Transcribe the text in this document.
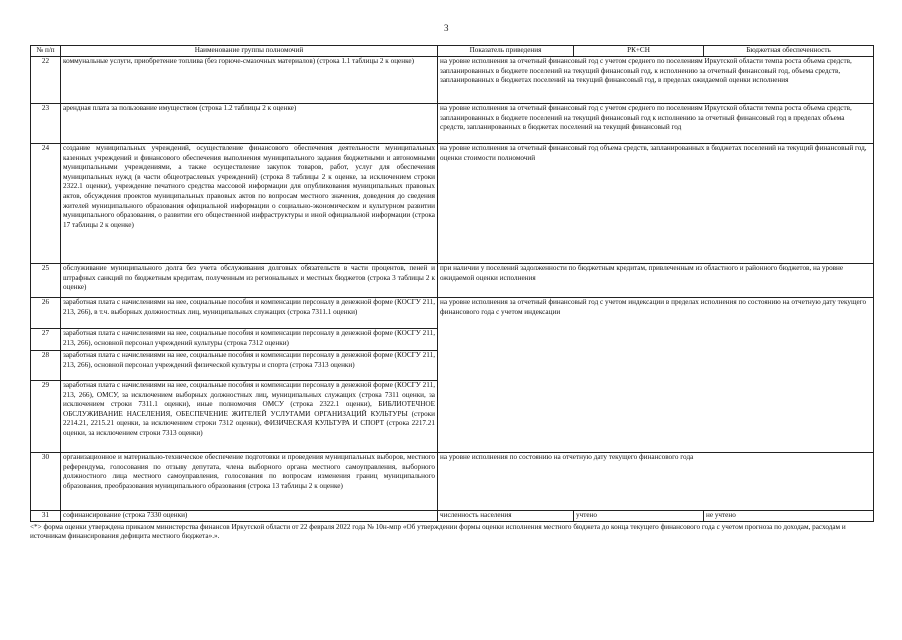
3
№ п/п	Наименование группы полномочий	Показатель приведения	РК+СН	Бюджетная обеспеченность
22	коммунальные услуги, приобретение топлива (без горюче-смазочных материалов) (строка 1.1 таблицы 2 к оценке)	на уровне исполнения за отчетный финансовый год с учетом среднего по поселениям Иркутской области темпа роста объема средств, запланированных в бюджете поселений на текущий финансовый год, к исполнению за отчетный финансовый год, объема средств, запланированных в бюджетах поселений на текущий финансовый год, в пределах ожидаемой оценки исполнения		
23	арендная плата за пользование имуществом (строка 1.2 таблицы 2 к оценке)	на уровне исполнения за отчетный финансовый год с учетом среднего по поселениям Иркутской области темпа роста объема средств, запланированных в бюджете поселений на текущий финансовый год к исполнению за отчетный финансовый год в пределах объема средств, запланированных в бюджетах поселений на текущий финансовый год		
24	создание муниципальных учреждений, осуществление финансового обеспечения деятельности муниципальных казенных учреждений и финансового обеспечения выполнения муниципального задания бюджетными и автономными муниципальными учреждениями, а также осуществление закупок товаров, работ, услуг для обеспечения муниципальных нужд (в части общеотраслевых учреждений) (строка 8 таблицы 2 к оценке, за исключением строки 2322.1 оценки), учреждение печатного средства массовой информации для опубликования муниципальных правовых актов, обсуждения проектов муниципальных правовых актов по вопросам местного значения, доведения до сведения жителей муниципального образования официальной информации о социально-экономическом и культурном развитии муниципального образования, о развитии его общественной инфраструктуры и иной официальной информации (строка 17 таблицы 2 к оценке)	на уровне исполнения за отчетный финансовый год объема средств, запланированных в бюджетах поселений на текущий финансовый год, оценки стоимости полномочий		
25	обслуживание муниципального долга без учета обслуживания долговых обязательств в части процентов, пеней и штрафных санкций по бюджетным кредитам, полученным из региональных и местных бюджетов (строка 3 таблицы 2 к оценке)	при наличии у поселений задолженности по бюджетным кредитам, привлеченным из областного и районного бюджетов, на уровне ожидаемой оценки исполнения		
26	заработная плата с начислениями на нее, социальные пособия и компенсации персоналу в денежной форме (КОСГУ 211, 213, 266), в т.ч. выборных должностных лиц, муниципальных служащих (строка 7311.1 оценки)	на уровне исполнения за отчетный финансовый год с учетом индексации в пределах исполнения по состоянию на отчетную дату текущего финансового года с учетом индексации		
27	заработная плата с начислениями на нее, социальные пособия и компенсации персоналу в денежной форме (КОСГУ 211, 213, 266), основной персонал учреждений культуры (строка 7312 оценки)			
28	заработная плата с начислениями на нее, социальные пособия и компенсации персоналу в денежной форме (КОСГУ 211, 213, 266), основной персонал учреждений физической культуры и спорта (строка 7313 оценки)			
29	заработная плата с начислениями на нее, социальные пособия и компенсации персоналу в денежной форме (КОСГУ 211, 213, 266), ОМСУ, за исключением выборных должностных лиц, муниципальных служащих (строка 7311 оценки, за исключением строки 7311.1 оценки), иные полномочия ОМСУ (строка 2322.1 оценки), БИБЛИОТЕЧНОЕ ОБСЛУЖИВАНИЕ НАСЕЛЕНИЯ, ОБЕСПЕЧЕНИЕ ЖИТЕЛЕЙ УСЛУГАМИ ОРГАНИЗАЦИЙ КУЛЬТУРЫ (строки 2214.21, 2215.21 оценки, за исключением строки 7312 оценки), ФИЗИЧЕСКАЯ КУЛЬТУРА И СПОРТ (строка 2217.21 оценки, за исключением строки 7313 оценки)			
30	организационное и материально-техническое обеспечение подготовки и проведения муниципальных выборов, местного референдума, голосования по отзыву депутата, члена выборного органа местного самоуправления, выборного должностного лица местного самоуправления, голосования по вопросам изменения границ муниципального образования, преобразования муниципального образования (строка 13 таблицы 2 к оценке)	на уровне исполнения по состоянию на отчетную дату текущего финансового года		
31	софинансирование (строка 7330 оценки)	численность населения	учтено	не учтено
<*> форма оценки утверждена приказом министерства финансов Иркутской области от 22 февраля 2022 года № 10н-мпр «Об утверждении формы оценки исполнения местного бюджета до конца текущего финансового года с учетом прогноза по доходам, расходам и источникам финансирования дефицита местного бюджета».».
